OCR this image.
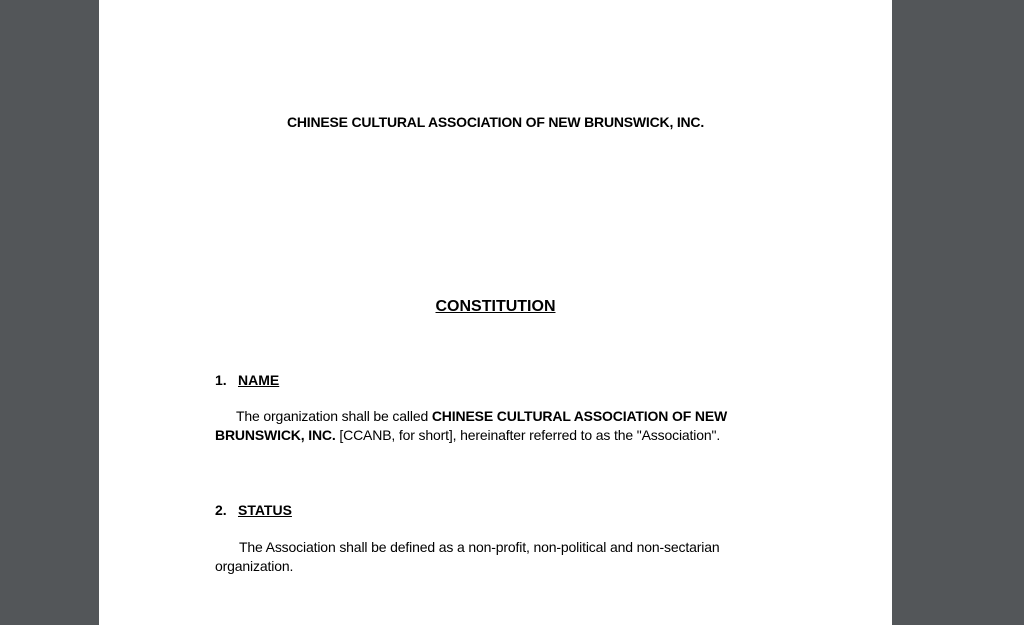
CHINESE CULTURAL ASSOCIATION OF NEW BRUNSWICK, INC.
CONSTITUTION
1. NAME
The organization shall be called CHINESE CULTURAL ASSOCIATION OF NEW BRUNSWICK, INC. [CCANB, for short], hereinafter referred to as the "Association".
2. STATUS
The Association shall be defined as a non-profit, non-political and non-sectarian organization.
